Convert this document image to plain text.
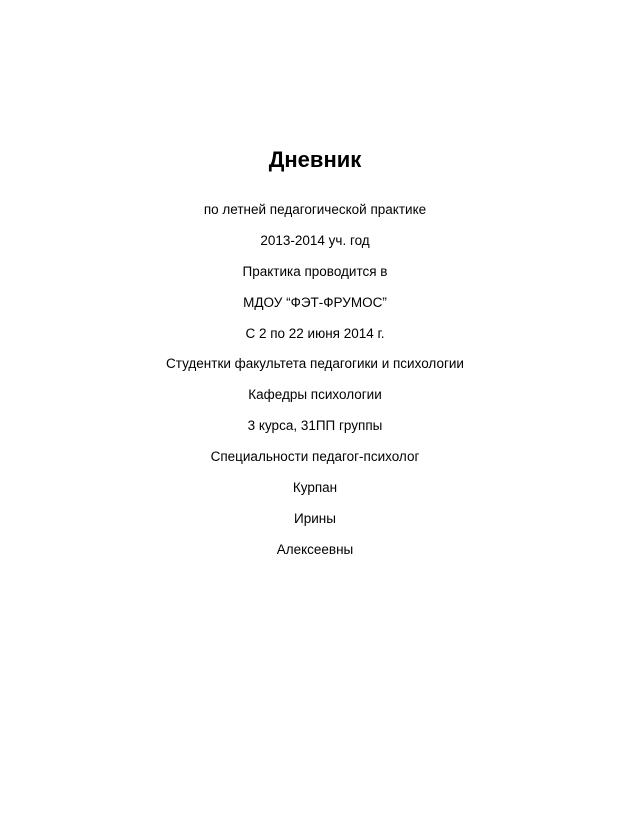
Дневник
по летней педагогической практике
2013-2014 уч. год
Практика проводится в
МДОУ “ФЭТ-ФРУМОС”
С 2 по 22 июня 2014 г.
Студентки факультета педагогики и психологии
Кафедры психологии
3 курса, 31ПП группы
Специальности педагог-психолог
Курпан
Ирины
Алексеевны
